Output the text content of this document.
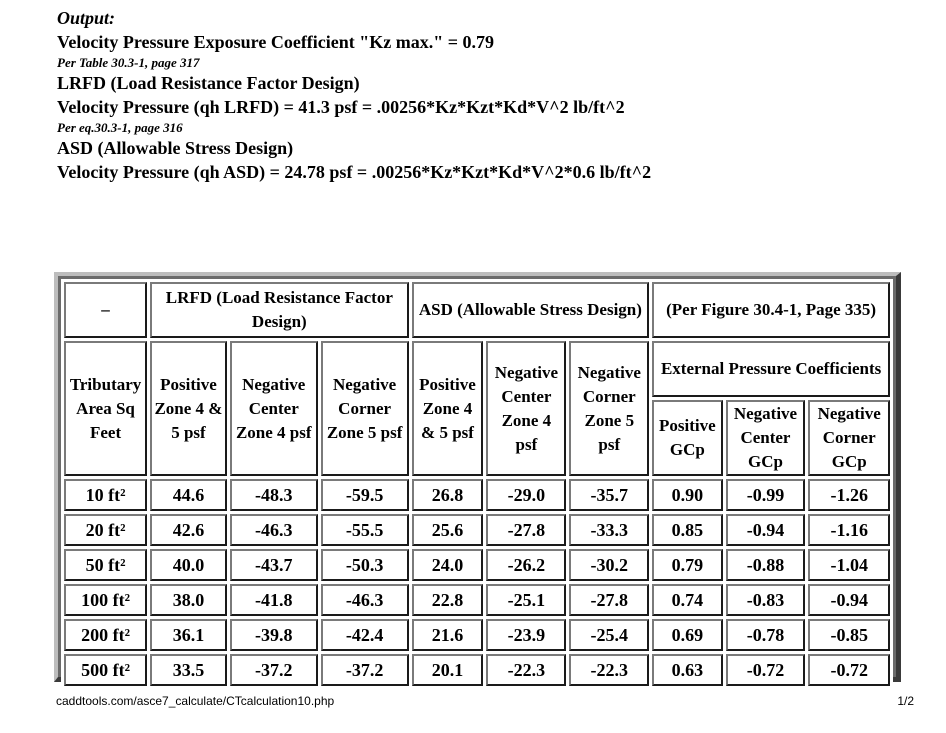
Output:
Velocity Pressure Exposure Coefficient "Kz max." = 0.79
Per Table 30.3-1, page 317
LRFD (Load Resistance Factor Design)
Velocity Pressure (qh LRFD) = 41.3 psf = .00256*Kz*Kzt*Kd*V^2 lb/ft^2
Per eq.30.3-1, page 316
ASD (Allowable Stress Design)
Velocity Pressure (qh ASD) = 24.78 psf = .00256*Kz*Kzt*Kd*V^2*0.6 lb/ft^2
–	LRFD (Load Resistance Factor Design)			ASD (Allowable Stress Design)			(Per Figure 30.4-1, Page 335)		
Tributary Area Sq Feet	Positive Zone 4 & 5 psf	Negative Center Zone 4 psf	Negative Corner Zone 5 psf	Positive Zone 4 & 5 psf	Negative Center Zone 4 psf	Negative Corner Zone 5 psf	External Pressure Coefficients		
							Positive GCp	Negative Center GCp	Negative Corner GCp
10 ft²	44.6	-48.3	-59.5	26.8	-29.0	-35.7	0.90	-0.99	-1.26
20 ft²	42.6	-46.3	-55.5	25.6	-27.8	-33.3	0.85	-0.94	-1.16
50 ft²	40.0	-43.7	-50.3	24.0	-26.2	-30.2	0.79	-0.88	-1.04
100 ft²	38.0	-41.8	-46.3	22.8	-25.1	-27.8	0.74	-0.83	-0.94
200 ft²	36.1	-39.8	-42.4	21.6	-23.9	-25.4	0.69	-0.78	-0.85
500 ft²	33.5	-37.2	-37.2	20.1	-22.3	-22.3	0.63	-0.72	-0.72
caddtools.com/asce7_calculate/CTcalculation10.php	1/2
